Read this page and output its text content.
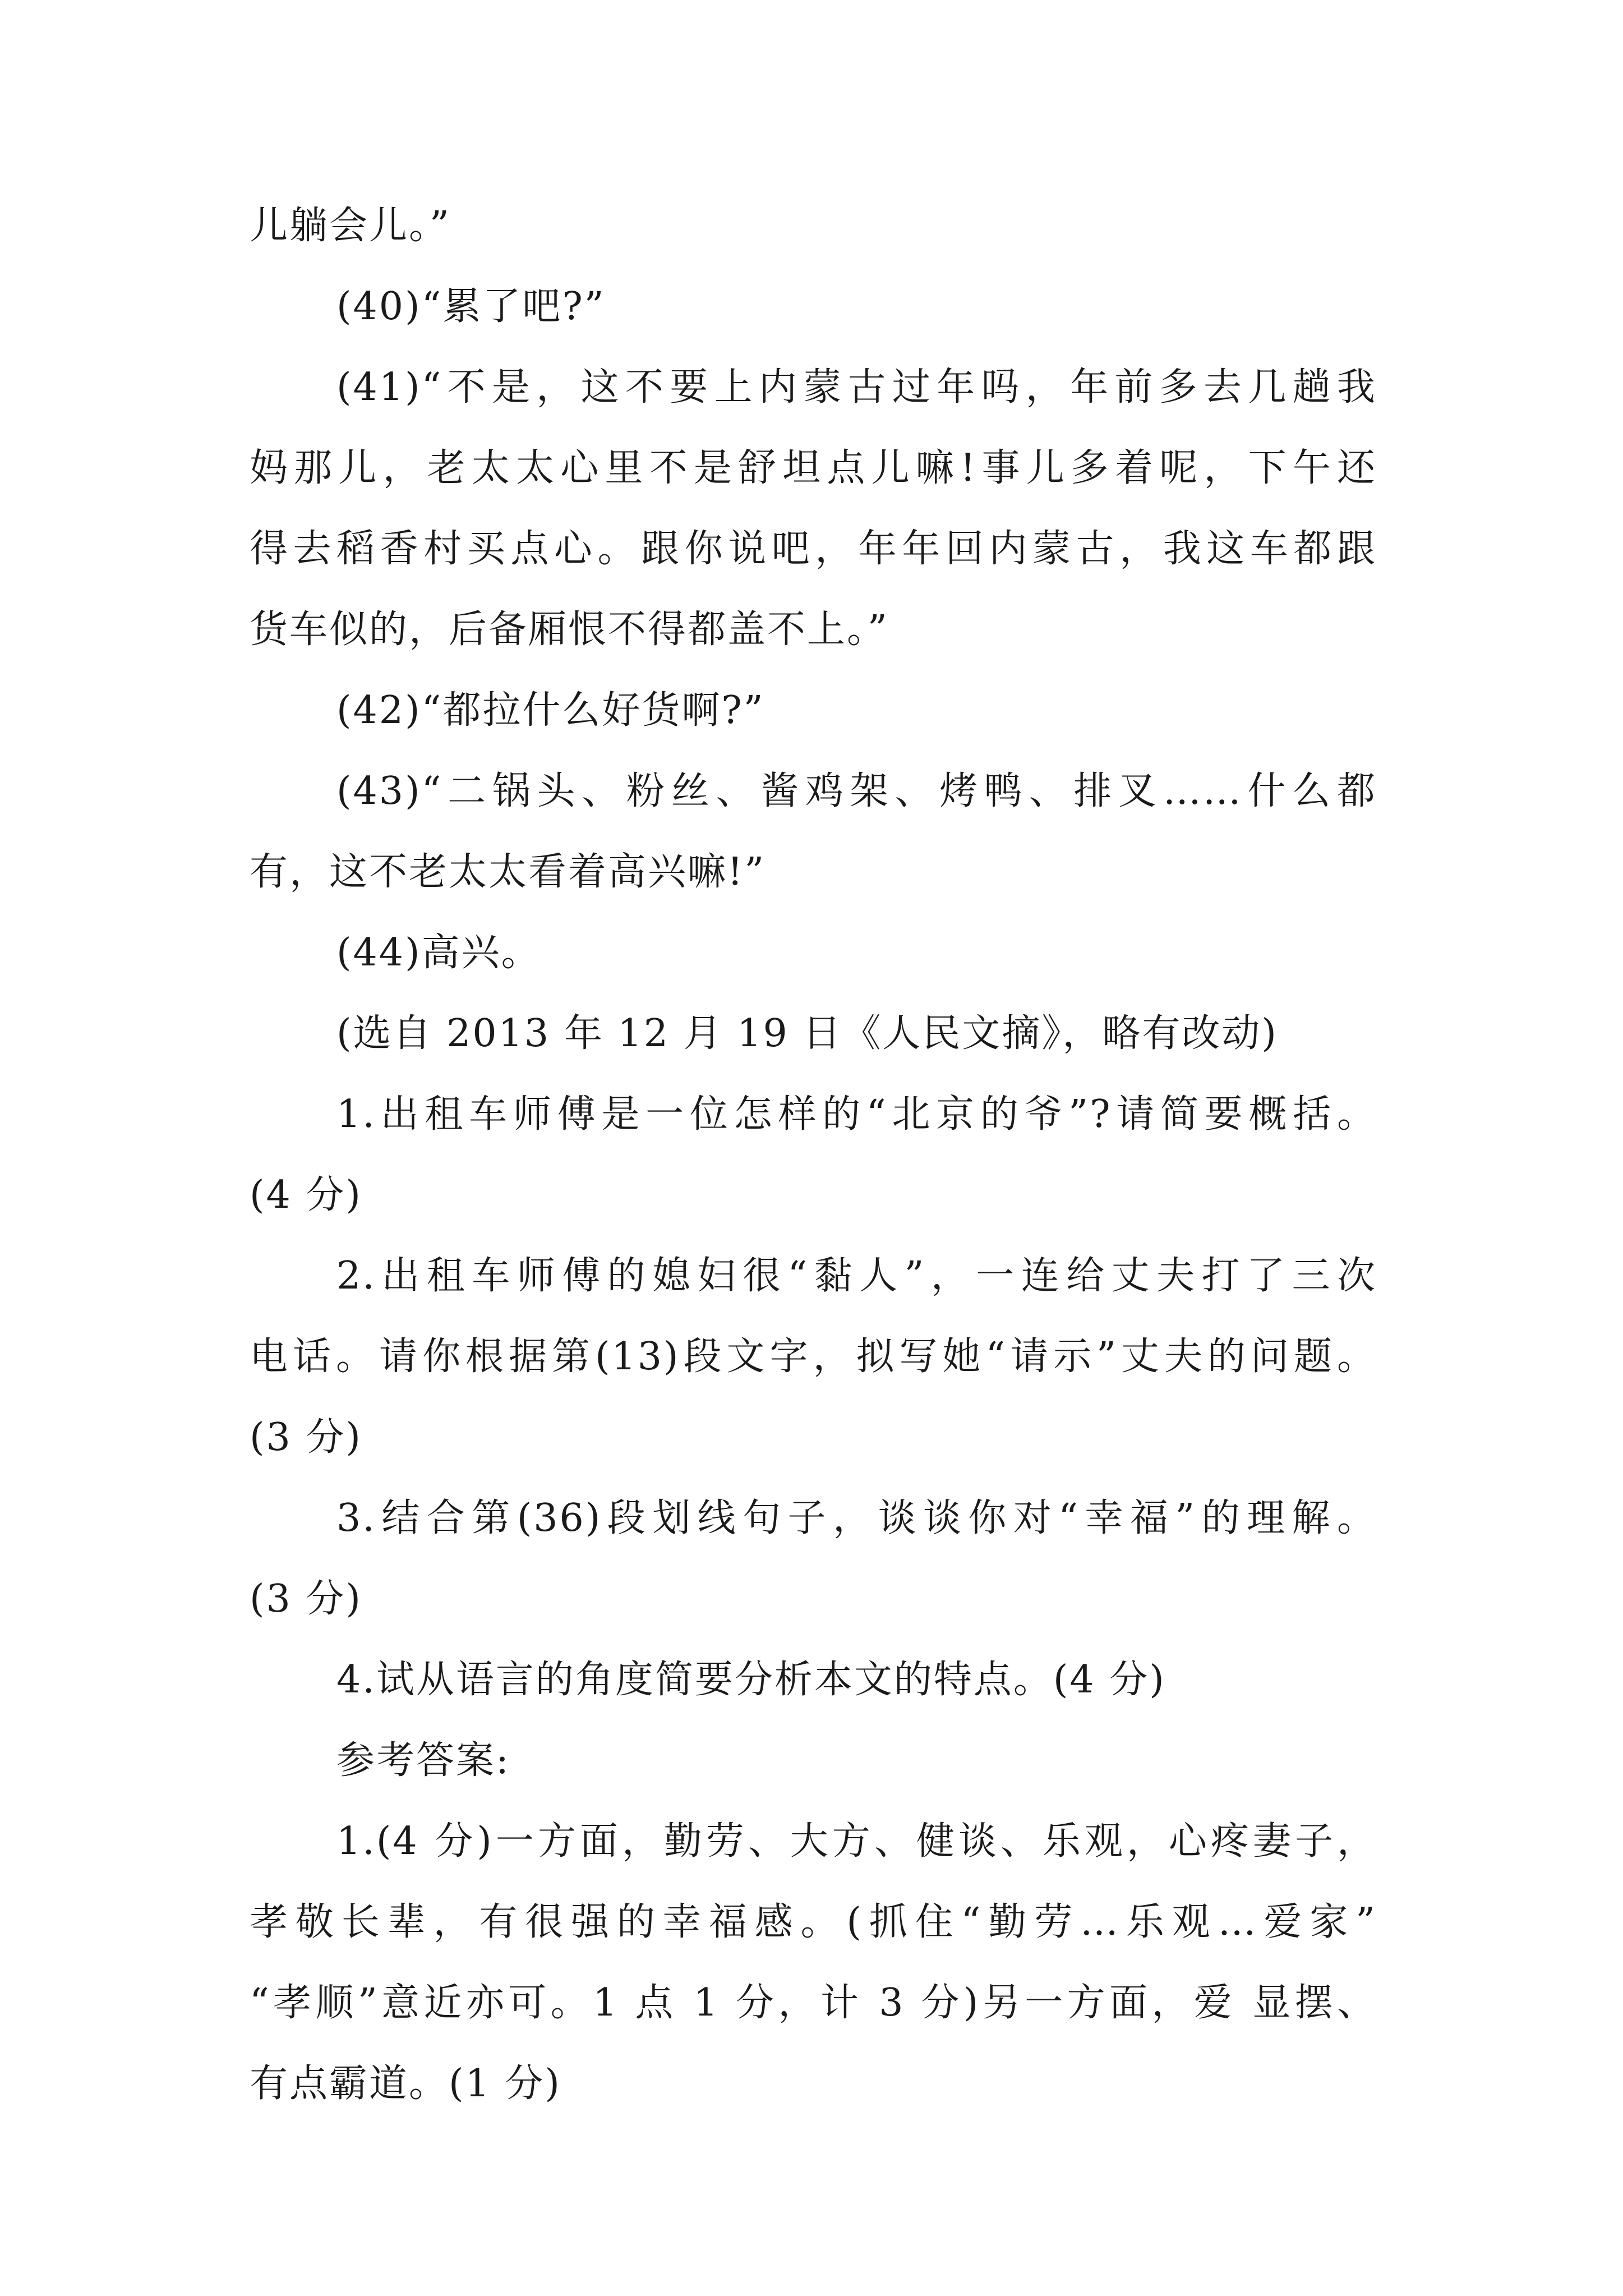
儿躺会儿。”
(40)“累了吧?”
(41)“不是，这不要上内蒙古过年吗，年前多去几趟我
妈那儿，老太太心里不是舒坦点儿嘛!事儿多着呢，下午还
得去稻香村买点心。跟你说吧，年年回内蒙古，我这车都跟
货车似的，后备厢恨不得都盖不上。”
(42)“都拉什么好货啊?”
(43)“二锅头、粉丝、酱鸡架、烤鸭、排叉……什么都
有，这不老太太看着高兴嘛!”
(44)高兴。
(选自 2013 年 12 月 19 日《人民文摘》，略有改动)
1.出租车师傅是一位怎样的“北京的爷”?请简要概括。
(4 分)
2.出租车师傅的媳妇很“黏人”，一连给丈夫打了三次
电话。请你根据第(13)段文字，拟写她“请示”丈夫的问题。
(3 分)
3.结合第(36)段划线句子，谈谈你对“幸福”的理解。
(3 分)
4.试从语言的角度简要分析本文的特点。(4 分)
参考答案:
1.(4 分)一方面，勤劳、大方、健谈、乐观，心疼妻子，
孝敬长辈，有很强的幸福感。(抓住“勤劳…乐观…爱家”
“孝顺”意近亦可。1 点 1 分，计 3 分)另一方面，爱 显摆、
有点霸道。(1 分)
